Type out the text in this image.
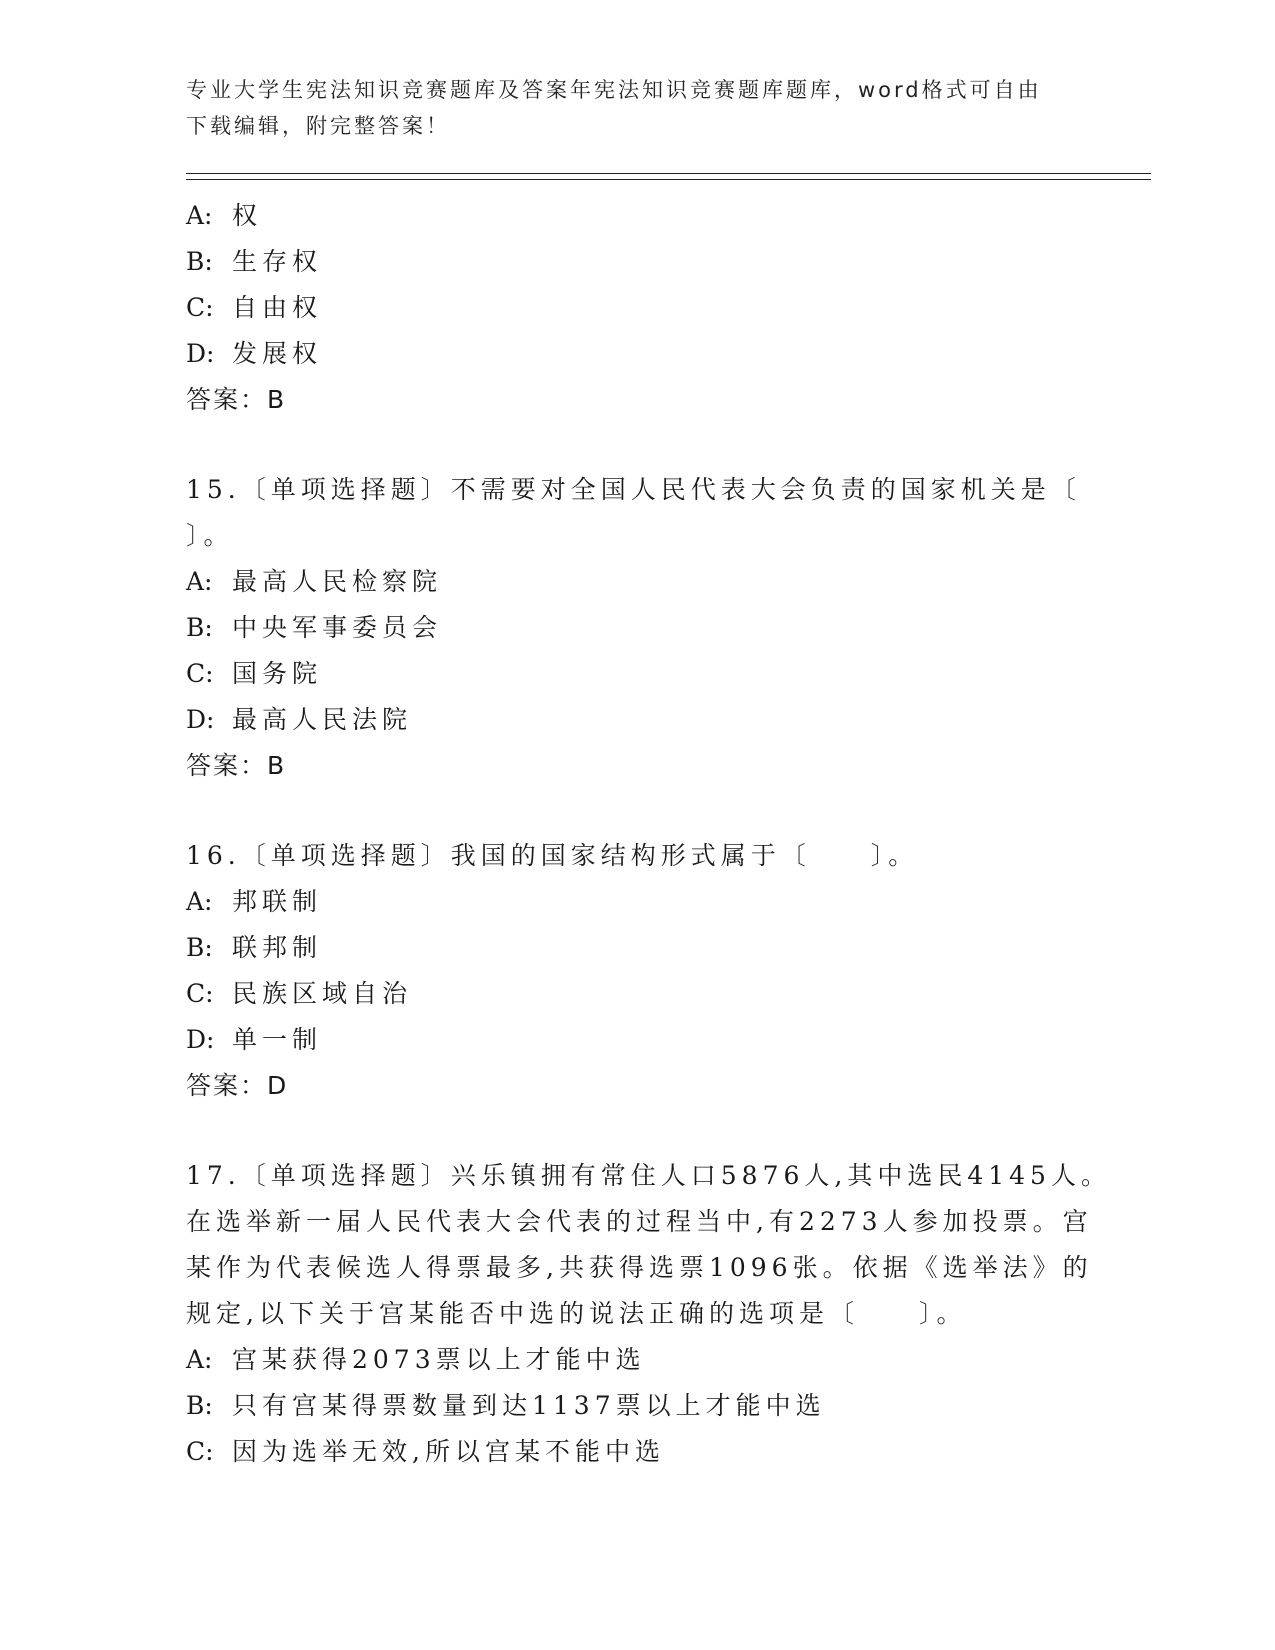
专业大学生宪法知识竞赛题库及答案年宪法知识竞赛题库题库，word格式可自由
下载编辑，附完整答案！
A: 权
B: 生存权
C: 自由权
D: 发展权
答案：B
15.〔单项选择题〕不需要对全国人民代表大会负责的国家机关是〔
〕。
A: 最高人民检察院
B: 中央军事委员会
C: 国务院
D: 最高人民法院
答案：B
16.〔单项选择题〕我国的国家结构形式属于〔　　〕。
A: 邦联制
B: 联邦制
C: 民族区域自治
D: 单一制
答案：D
17.〔单项选择题〕兴乐镇拥有常住人口5876人,其中选民4145人。
在选举新一届人民代表大会代表的过程当中,有2273人参加投票。宫
某作为代表候选人得票最多,共获得选票1096张。依据《选举法》的
规定,以下关于宫某能否中选的说法正确的选项是〔　　〕。
A: 宫某获得2073票以上才能中选
B: 只有宫某得票数量到达1137票以上才能中选
C: 因为选举无效,所以宫某不能中选
